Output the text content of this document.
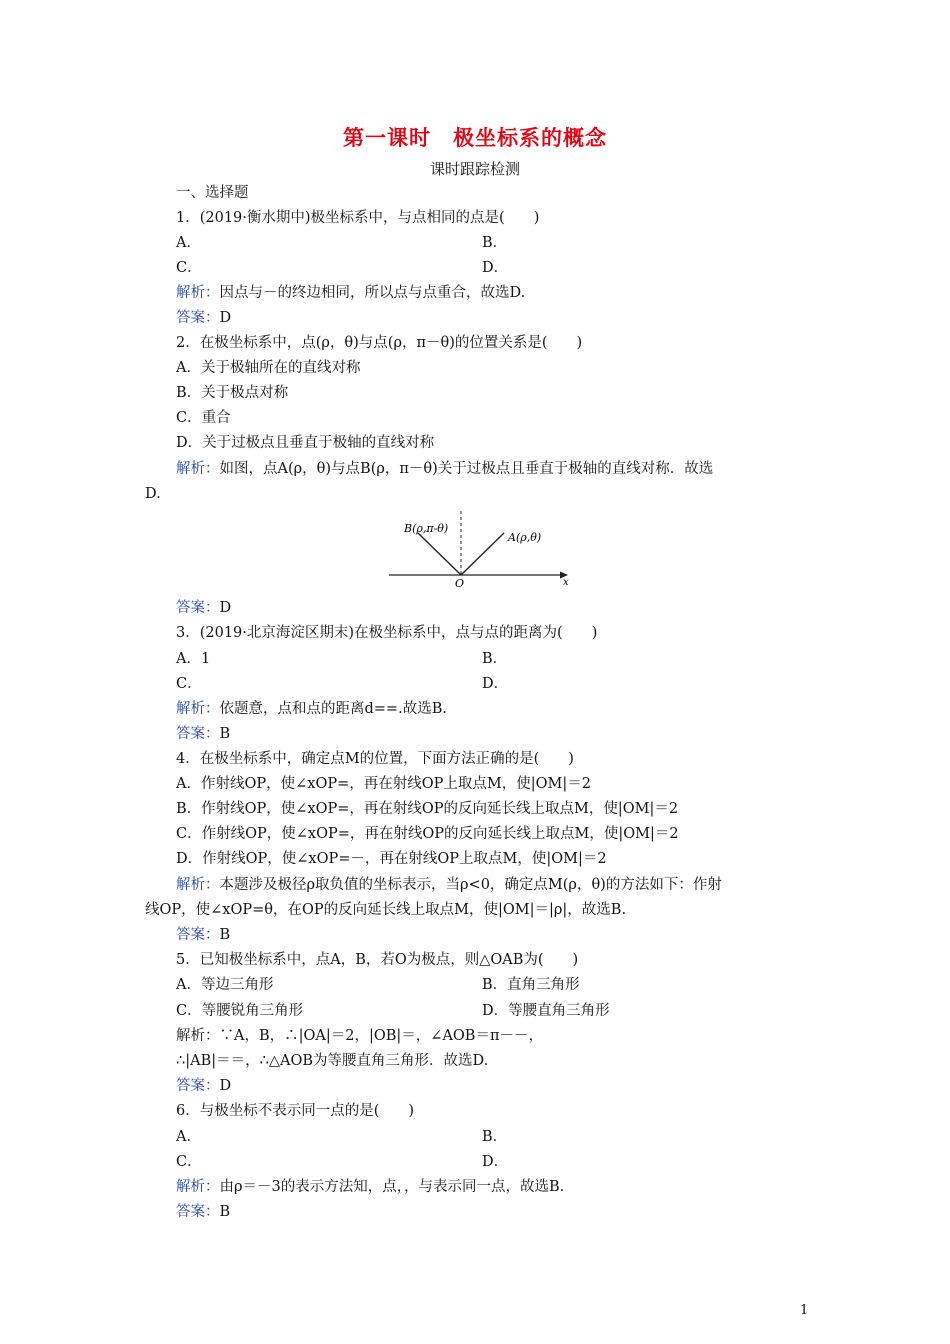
第一课时　极坐标系的概念
课时跟踪检测
一、选择题
1．(2019·衡水期中)极坐标系中，与点相同的点是(　　)
A．	B．
C．	D．
解析：因点与－的终边相同，所以点与点重合，故选D.
答案：D
2．在极坐标系中，点(ρ，θ)与点(ρ，π－θ)的位置关系是(　　)
A．关于极轴所在的直线对称
B．关于极点对称
C．重合
D．关于过极点且垂直于极轴的直线对称
解析：如图，点A(ρ，θ)与点B(ρ，π－θ)关于过极点且垂直于极轴的直线对称．故选
D.
B(ρ,π-θ)
A(ρ,θ)
O	x
答案：D
3．(2019·北京海淀区期末)在极坐标系中，点与点的距离为(　　)
A．1	B．
C．	D．
解析：依题意，点和点的距离d==.故选B.
答案：B
4．在极坐标系中，确定点M的位置，下面方法正确的是(　　)
A．作射线OP，使∠xOP=，再在射线OP上取点M，使|OM|＝2
B．作射线OP，使∠xOP=，再在射线OP的反向延长线上取点M，使|OM|＝2
C．作射线OP，使∠xOP=，再在射线OP的反向延长线上取点M，使|OM|＝2
D．作射线OP，使∠xOP=－，再在射线OP上取点M，使|OM|＝2
解析：本题涉及极径ρ取负值的坐标表示，当ρ<0，确定点M(ρ，θ)的方法如下：作射
线OP，使∠xOP=θ，在OP的反向延长线上取点M，使|OM|＝|ρ|，故选B.
答案：B
5．已知极坐标系中，点A，B，若O为极点，则△OAB为(　　)
A．等边三角形	B．直角三角形
C．等腰锐角三角形	D．等腰直角三角形
解析：∵A，B，∴|OA|＝2，|OB|＝，∠AOB＝π－－，
∴|AB|＝＝，∴△AOB为等腰直角三角形．故选D.
答案：D
6．与极坐标不表示同一点的是(　　)
A．	B．
C．	D．
解析：由ρ＝－3的表示方法知，点，，与表示同一点，故选B.
答案：B
1
